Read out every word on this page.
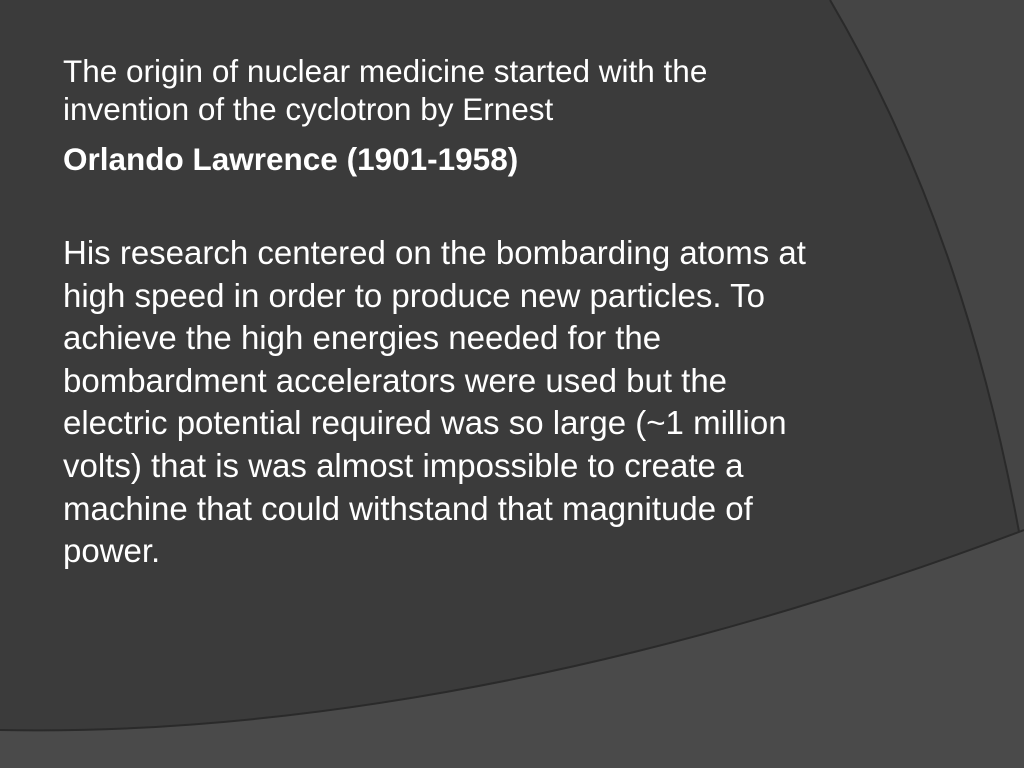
The origin of nuclear medicine started with the invention of the cyclotron by Ernest

Orlando Lawrence (1901-1958)

His research centered on the bombarding atoms at high speed in order to produce new particles. To achieve the high energies needed for the bombardment accelerators were used but the electric potential required was so large (~1 million volts) that is was almost impossible to create a machine that could withstand that magnitude of power.
